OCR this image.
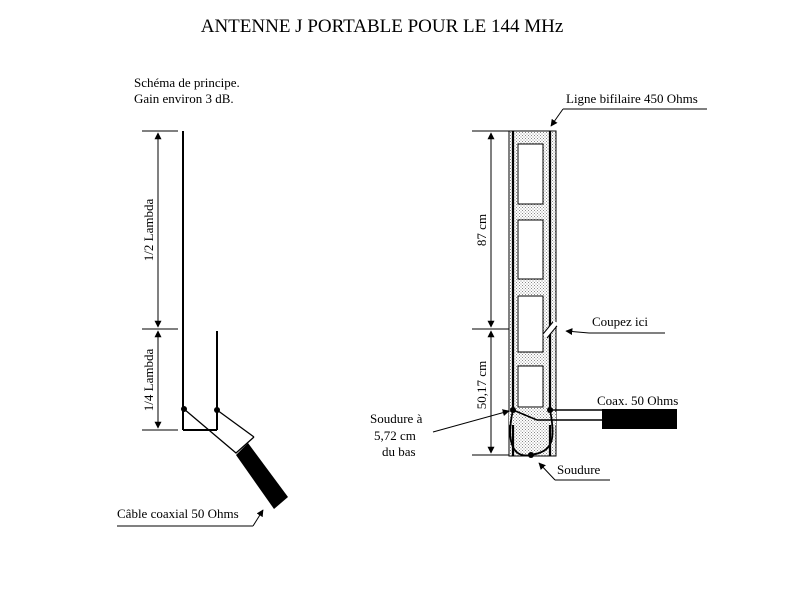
ANTENNE J PORTABLE POUR LE 144 MHz
Schéma de principe.
Gain environ 3 dB.
1/2 Lambda
1/4 Lambda
Câble coaxial 50 Ohms
Ligne bifilaire 450 Ohms
87 cm
50,17 cm
Coupez ici
Coax. 50 Ohms
Soudure à
5,72 cm
du bas
Soudure
